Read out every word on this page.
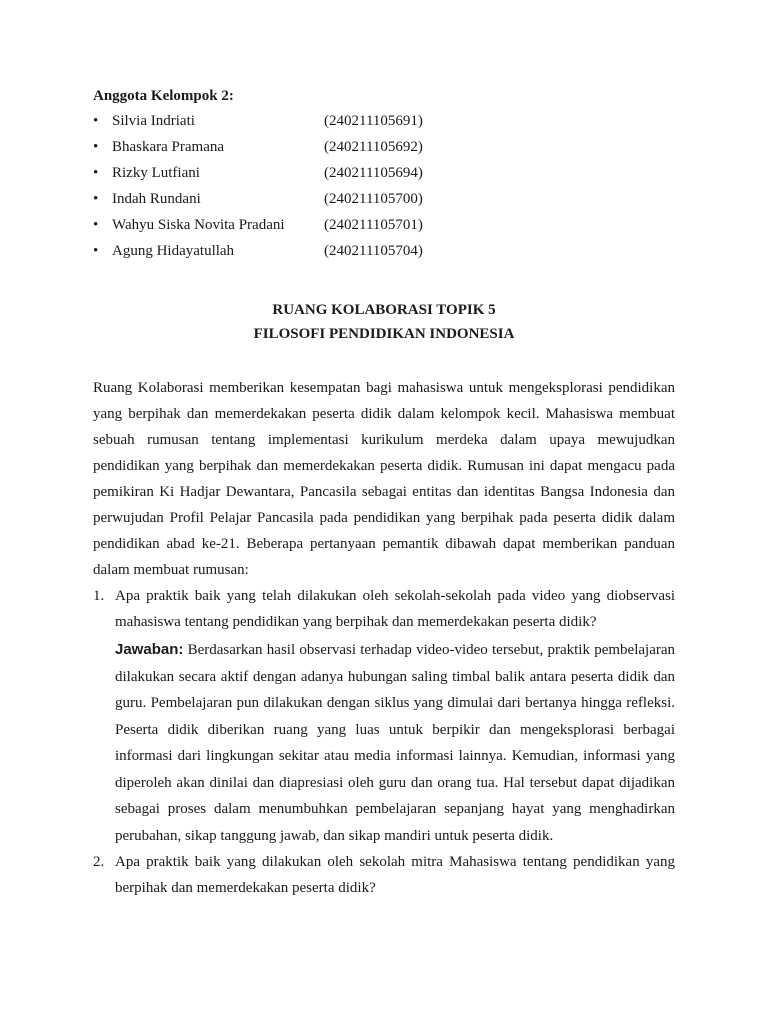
Anggota Kelompok 2:

• Silvia Indriati	(240211105691)
• Bhaskara Pramana	(240211105692)
• Rizky Lutfiani	(240211105694)
• Indah Rundani	(240211105700)
• Wahyu Siska Novita Pradani	(240211105701)
• Agung Hidayatullah	(240211105704)
RUANG KOLABORASI TOPIK 5
FILOSOFI PENDIDIKAN INDONESIA
Ruang Kolaborasi memberikan kesempatan bagi mahasiswa untuk mengeksplorasi pendidikan yang berpihak dan memerdekakan peserta didik dalam kelompok kecil. Mahasiswa membuat sebuah rumusan tentang implementasi kurikulum merdeka dalam upaya mewujudkan pendidikan yang berpihak dan memerdekakan peserta didik. Rumusan ini dapat mengacu pada pemikiran Ki Hadjar Dewantara, Pancasila sebagai entitas dan identitas Bangsa Indonesia dan perwujudan Profil Pelajar Pancasila pada pendidikan yang berpihak pada peserta didik dalam pendidikan abad ke-21. Beberapa pertanyaan pemantik dibawah dapat memberikan panduan dalam membuat rumusan:
1. Apa praktik baik yang telah dilakukan oleh sekolah-sekolah pada video yang diobservasi mahasiswa tentang pendidikan yang berpihak dan memerdekakan peserta didik?
Jawaban: Berdasarkan hasil observasi terhadap video-video tersebut, praktik pembelajaran dilakukan secara aktif dengan adanya hubungan saling timbal balik antara peserta didik dan guru. Pembelajaran pun dilakukan dengan siklus yang dimulai dari bertanya hingga refleksi. Peserta didik diberikan ruang yang luas untuk berpikir dan mengeksplorasi berbagai informasi dari lingkungan sekitar atau media informasi lainnya. Kemudian, informasi yang diperoleh akan dinilai dan diapresiasi oleh guru dan orang tua. Hal tersebut dapat dijadikan sebagai proses dalam menumbuhkan pembelajaran sepanjang hayat yang menghadirkan perubahan, sikap tanggung jawab, dan sikap mandiri untuk peserta didik.
2. Apa praktik baik yang dilakukan oleh sekolah mitra Mahasiswa tentang pendidikan yang berpihak dan memerdekakan peserta didik?
